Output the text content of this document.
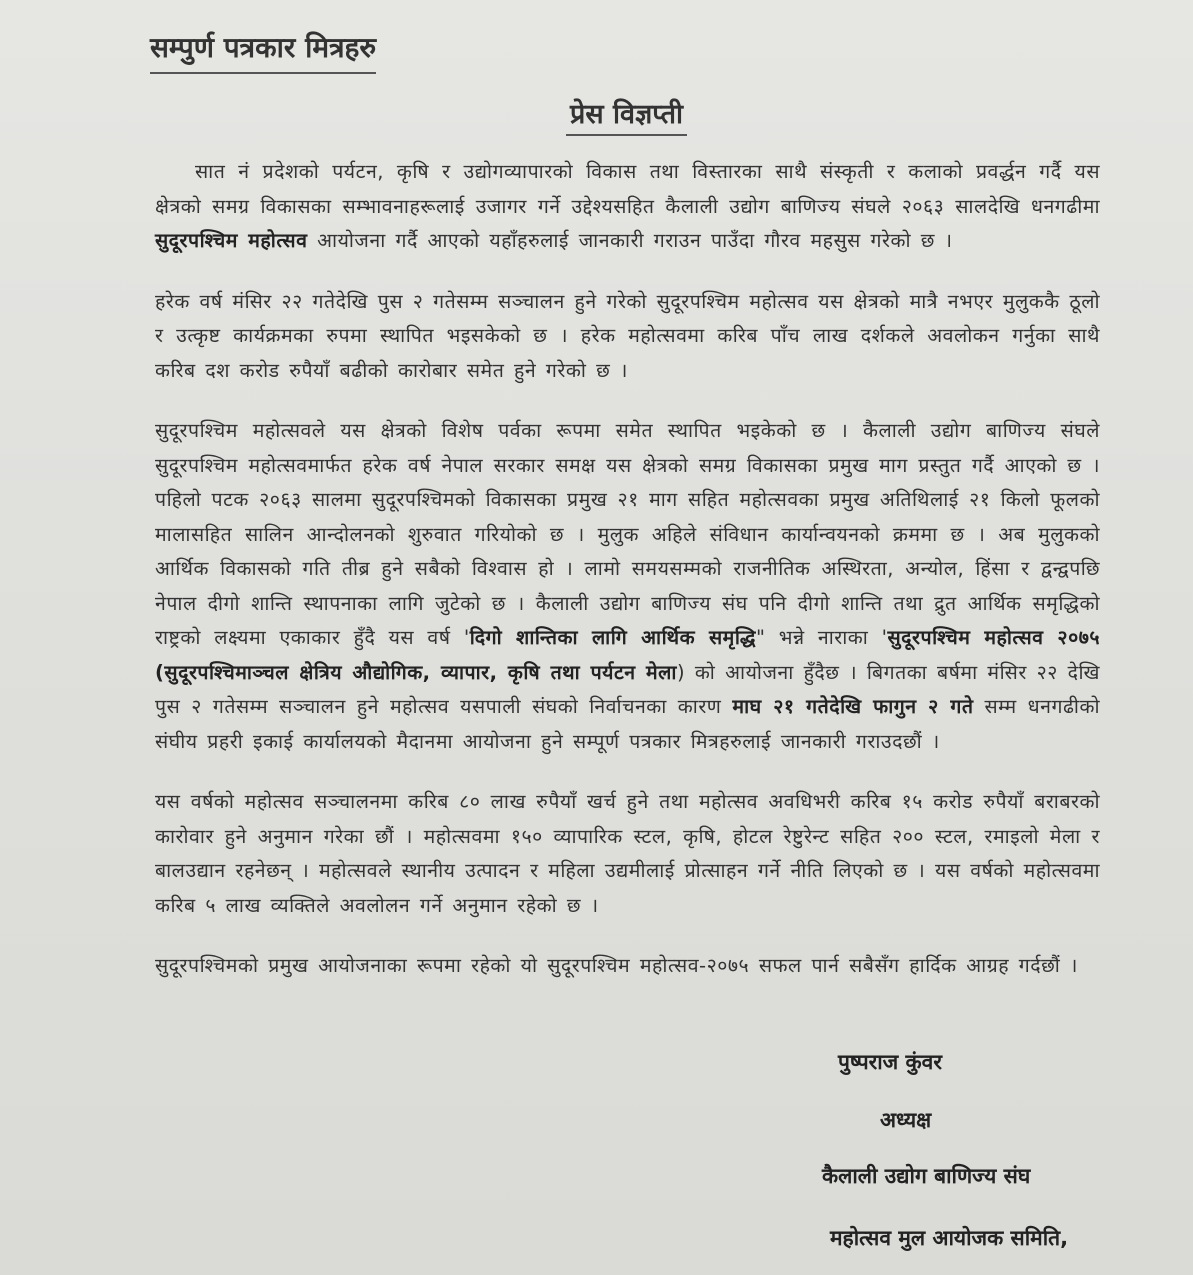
सम्पुर्ण पत्रकार मित्रहरु
प्रेस विज्ञप्ती

सात नं प्रदेशको पर्यटन, कृषि र उद्योगव्यापारको विकास तथा विस्तारका साथै संस्कृती र कलाको प्रवर्द्धन गर्दै यस क्षेत्रको समग्र विकासका सम्भावनाहरूलाई उजागर गर्ने उद्देश्यसहित कैलाली उद्योग बाणिज्य संघले २०६३ सालदेखि धनगढीमा सुदूरपश्चिम महोत्सव आयोजना गर्दै आएको यहाँहरुलाई जानकारी गराउन पाउँदा गौरव महसुस गरेको छ ।

हरेक वर्ष मंसिर २२ गतेदेखि पुस २ गतेसम्म सञ्चालन हुने गरेको सुदूरपश्चिम महोत्सव यस क्षेत्रको मात्रै नभएर मुलुककै ठूलो र उत्कृष्ट कार्यक्रमका रुपमा स्थापित भइसकेको छ । हरेक महोत्सवमा करिब पाँच लाख दर्शकले अवलोकन गर्नुका साथै करिब दश करोड रुपैयाँ बढीको कारोबार समेत हुने गरेको छ ।

सुदूरपश्चिम महोत्सवले यस क्षेत्रको विशेष पर्वका रूपमा समेत स्थापित भइकेको छ । कैलाली उद्योग बाणिज्य संघले सुदूरपश्चिम महोत्सवमार्फत हरेक वर्ष नेपाल सरकार समक्ष यस क्षेत्रको समग्र विकासका प्रमुख माग प्रस्तुत गर्दै आएको छ । पहिलो पटक २०६३ सालमा सुदूरपश्चिमको विकासका प्रमुख २१ माग सहित महोत्सवका प्रमुख अतिथिलाई २१ किलो फूलको मालासहित सालिन आन्दोलनको शुरुवात गरियोको छ । मुलुक अहिले संविधान कार्यान्वयनको क्रममा छ । अब मुलुकको आर्थिक विकासको गति तीब्र हुने सबैको विश्वास हो । लामो समयसम्मको राजनीतिक अस्थिरता, अन्योल, हिंसा र द्वन्द्वपछि नेपाल दीगो शान्ति स्थापनाका लागि जुटेको छ । कैलाली उद्योग बाणिज्य संघ पनि दीगो शान्ति तथा द्रुत आर्थिक समृद्धिको राष्ट्रको लक्ष्यमा एकाकार हुँदै यस वर्ष 'दिगो शान्तिका लागि आर्थिक समृद्धि" भन्ने नाराका 'सुदूरपश्चिम महोत्सव २०७५ (सुदूरपश्चिमाञ्चल क्षेत्रिय औद्योगिक, व्यापार, कृषि तथा पर्यटन मेला) को आयोजना हुँदैछ । बिगतका बर्षमा मंसिर २२ देखि पुस २ गतेसम्म सञ्चालन हुने महोत्सव यसपाली संघको निर्वाचनका कारण माघ २१ गतेदेखि फागुन २ गते सम्म धनगढीको संघीय प्रहरी इकाई कार्यालयको मैदानमा आयोजना हुने सम्पूर्ण पत्रकार मित्रहरुलाई जानकारी गराउदछौं ।

यस वर्षको महोत्सव सञ्चालनमा करिब ८० लाख रुपैयाँ खर्च हुने तथा महोत्सव अवधिभरी करिब १५ करोड रुपैयाँ बराबरको कारोवार हुने अनुमान गरेका छौं । महोत्सवमा १५० व्यापारिक स्टल, कृषि, होटल रेष्टुरेन्ट सहित २०० स्टल, रमाइलो मेला र बालउद्यान रहनेछन् । महोत्सवले स्थानीय उत्पादन र महिला उद्यमीलाई प्रोत्साहन गर्ने नीति लिएको छ । यस वर्षको महोत्सवमा करिब ५ लाख व्यक्तिले अवलोलन गर्ने अनुमान रहेको छ ।

सुदूरपश्चिमको प्रमुख आयोजनाका रूपमा रहेको यो सुदूरपश्चिम महोत्सव-२०७५ सफल पार्न सबैसँग हार्दिक आग्रह गर्दछौं ।

पुष्पराज कुंवर
अध्यक्ष
कैलाली उद्योग बाणिज्य संघ
महोत्सव मुल आयोजक समिति,
